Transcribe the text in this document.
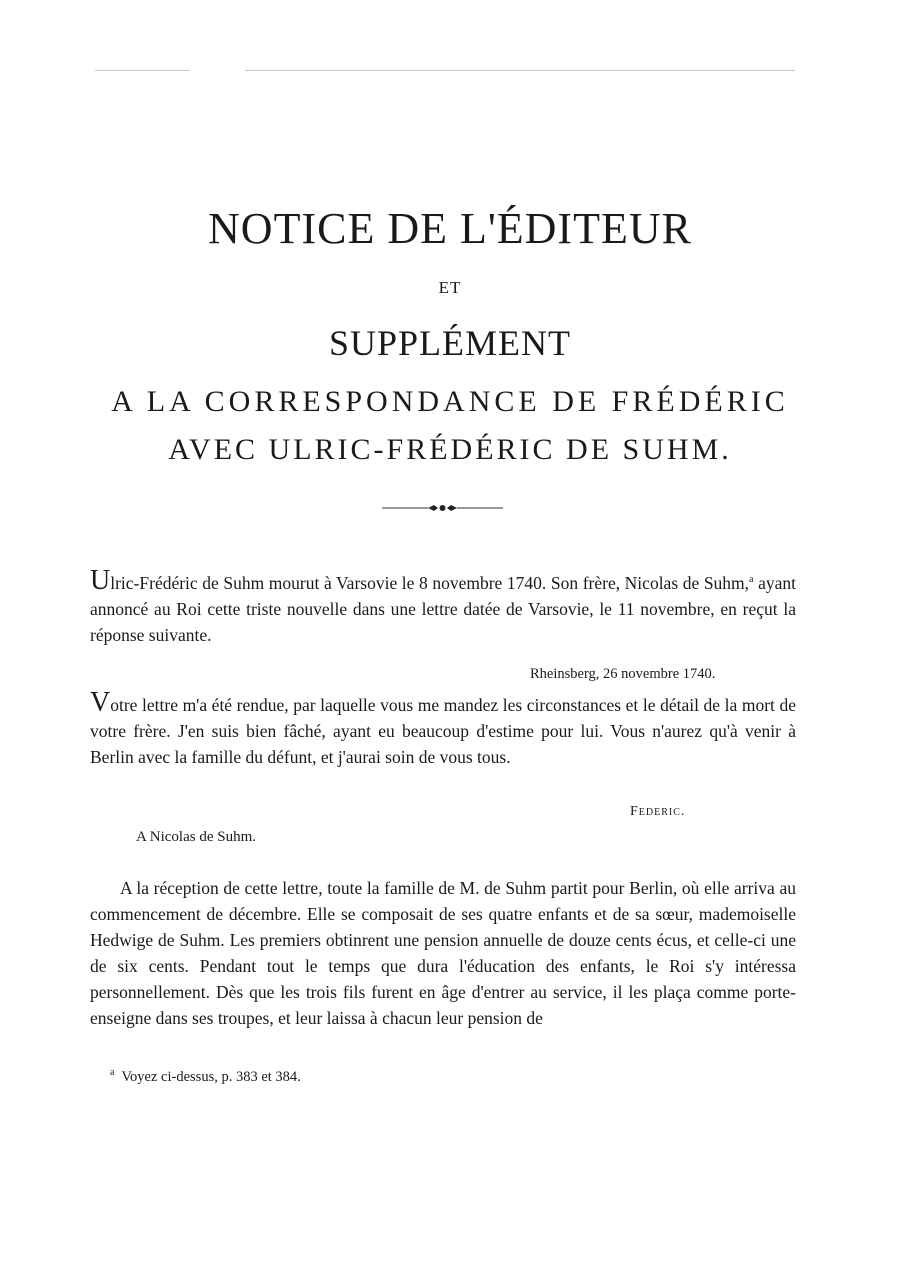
NOTICE DE L'ÉDITEUR
ET
SUPPLÉMENT
A LA CORRESPONDANCE DE FRÉDÉRIC
AVEC ULRIC-FRÉDÉRIC DE SUHM.

Ulric-Frédéric de Suhm mourut à Varsovie le 8 novembre 1740. Son frère, Nicolas de Suhm,$^a$ ayant annoncé au Roi cette triste nouvelle dans une lettre datée de Varsovie, le 11 novembre, en reçut la réponse suivante.

Rheinsberg, 26 novembre 1740.

Votre lettre m'a été rendue, par laquelle vous me mandez les circonstances et le détail de la mort de votre frère. J'en suis bien fâché, ayant eu beaucoup d'estime pour lui. Vous n'aurez qu'à venir à Berlin avec la famille du défunt, et j'aurai soin de vous tous.

Federic.
A Nicolas de Suhm.

A la réception de cette lettre, toute la famille de M. de Suhm partit pour Berlin, où elle arriva au commencement de décembre. Elle se composait de ses quatre enfants et de sa sœur, mademoiselle Hedwige de Suhm. Les premiers obtinrent une pension annuelle de douze cents écus, et celle-ci une de six cents. Pendant tout le temps que dura l'éducation des enfants, le Roi s'y intéressa personnellement. Dès que les trois fils furent en âge d'entrer au service, il les plaça comme porte-enseigne dans ses troupes, et leur laissa à chacun leur pension de

$^a$ Voyez ci-dessus, p. 383 et 384.
